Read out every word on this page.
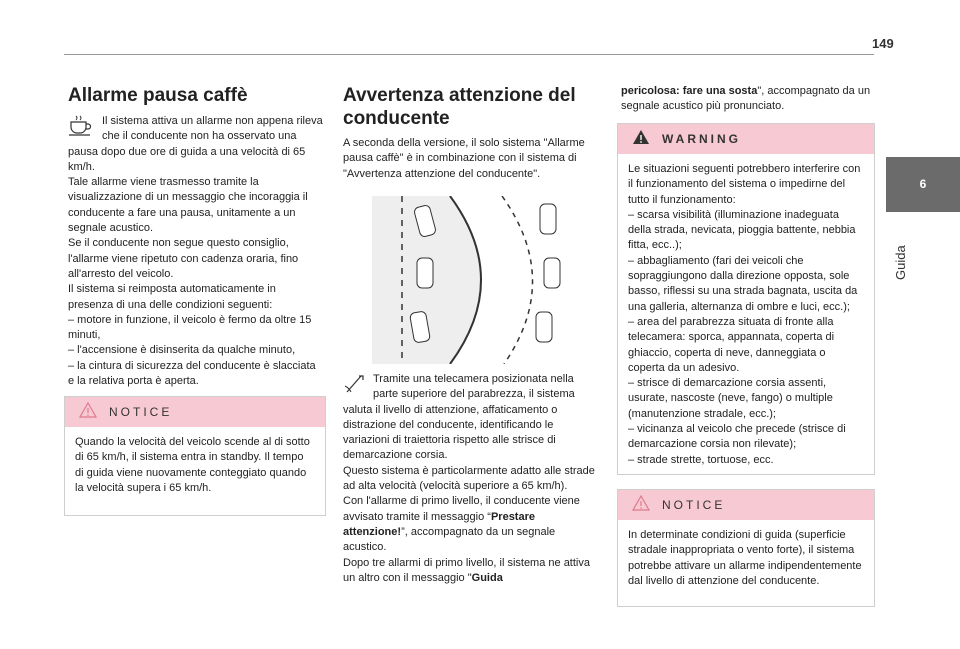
149
6
Guida
Allarme pausa caffè

Il sistema attiva un allarme non appena rileva che il conducente non ha osservato una pausa dopo due ore di guida a una velocità di 65 km/h.

Tale allarme viene trasmesso tramite la visualizzazione di un messaggio che incoraggia il conducente a fare una pausa, unitamente a un segnale acustico.

Se il conducente non segue questo consiglio, l'allarme viene ripetuto con cadenza oraria, fino all'arresto del veicolo.

Il sistema si reimposta automaticamente in presenza di una delle condizioni seguenti:

– motore in funzione, il veicolo è fermo da oltre 15 minuti,

– l'accensione è disinserita da qualche minuto,

– la cintura di sicurezza del conducente è slacciata e la relativa porta è aperta.

NOTICE
Quando la velocità del veicolo scende al di sotto di 65 km/h, il sistema entra in standby. Il tempo di guida viene nuovamente conteggiato quando la velocità supera i 65 km/h.
Avvertenza attenzione del conducente

A seconda della versione, il solo sistema "Allarme pausa caffè" è in combinazione con il sistema di "Avvertenza attenzione del conducente".

Tramite una telecamera posizionata nella parte superiore del parabrezza, il sistema valuta il livello di attenzione, affaticamento o distrazione del conducente, identificando le variazioni di traiettoria rispetto alle strisce di demarcazione corsia.

Questo sistema è particolarmente adatto alle strade ad alta velocità (velocità superiore a 65 km/h).

Con l'allarme di primo livello, il conducente viene avvisato tramite il messaggio “Prestare attenzione!”, accompagnato da un segnale acustico.

Dopo tre allarmi di primo livello, il sistema ne attiva un altro con il messaggio "Guida

pericolosa: fare una sosta", accompagnato da un segnale acustico più pronunciato.

WARNING

Le situazioni seguenti potrebbero interferire con il funzionamento del sistema o impedirne del tutto il funzionamento:

– scarsa visibilità (illuminazione inadeguata della strada, nevicata, pioggia battente, nebbia fitta, ecc..);

– abbagliamento (fari dei veicoli che sopraggiungono dalla direzione opposta, sole basso, riflessi su una strada bagnata, uscita da una galleria, alternanza di ombre e luci, ecc.);

– area del parabrezza situata di fronte alla telecamera: sporca, appannata, coperta di ghiaccio, coperta di neve, danneggiata o coperta da un adesivo.

– strisce di demarcazione corsia assenti, usurate, nascoste (neve, fango) o multiple (manutenzione stradale, ecc.);

– vicinanza al veicolo che precede (strisce di demarcazione corsia non rilevate);

– strade strette, tortuose, ecc.

NOTICE
In determinate condizioni di guida (superficie stradale inappropriata o vento forte), il sistema potrebbe attivare un allarme indipendentemente dal livello di attenzione del conducente.
